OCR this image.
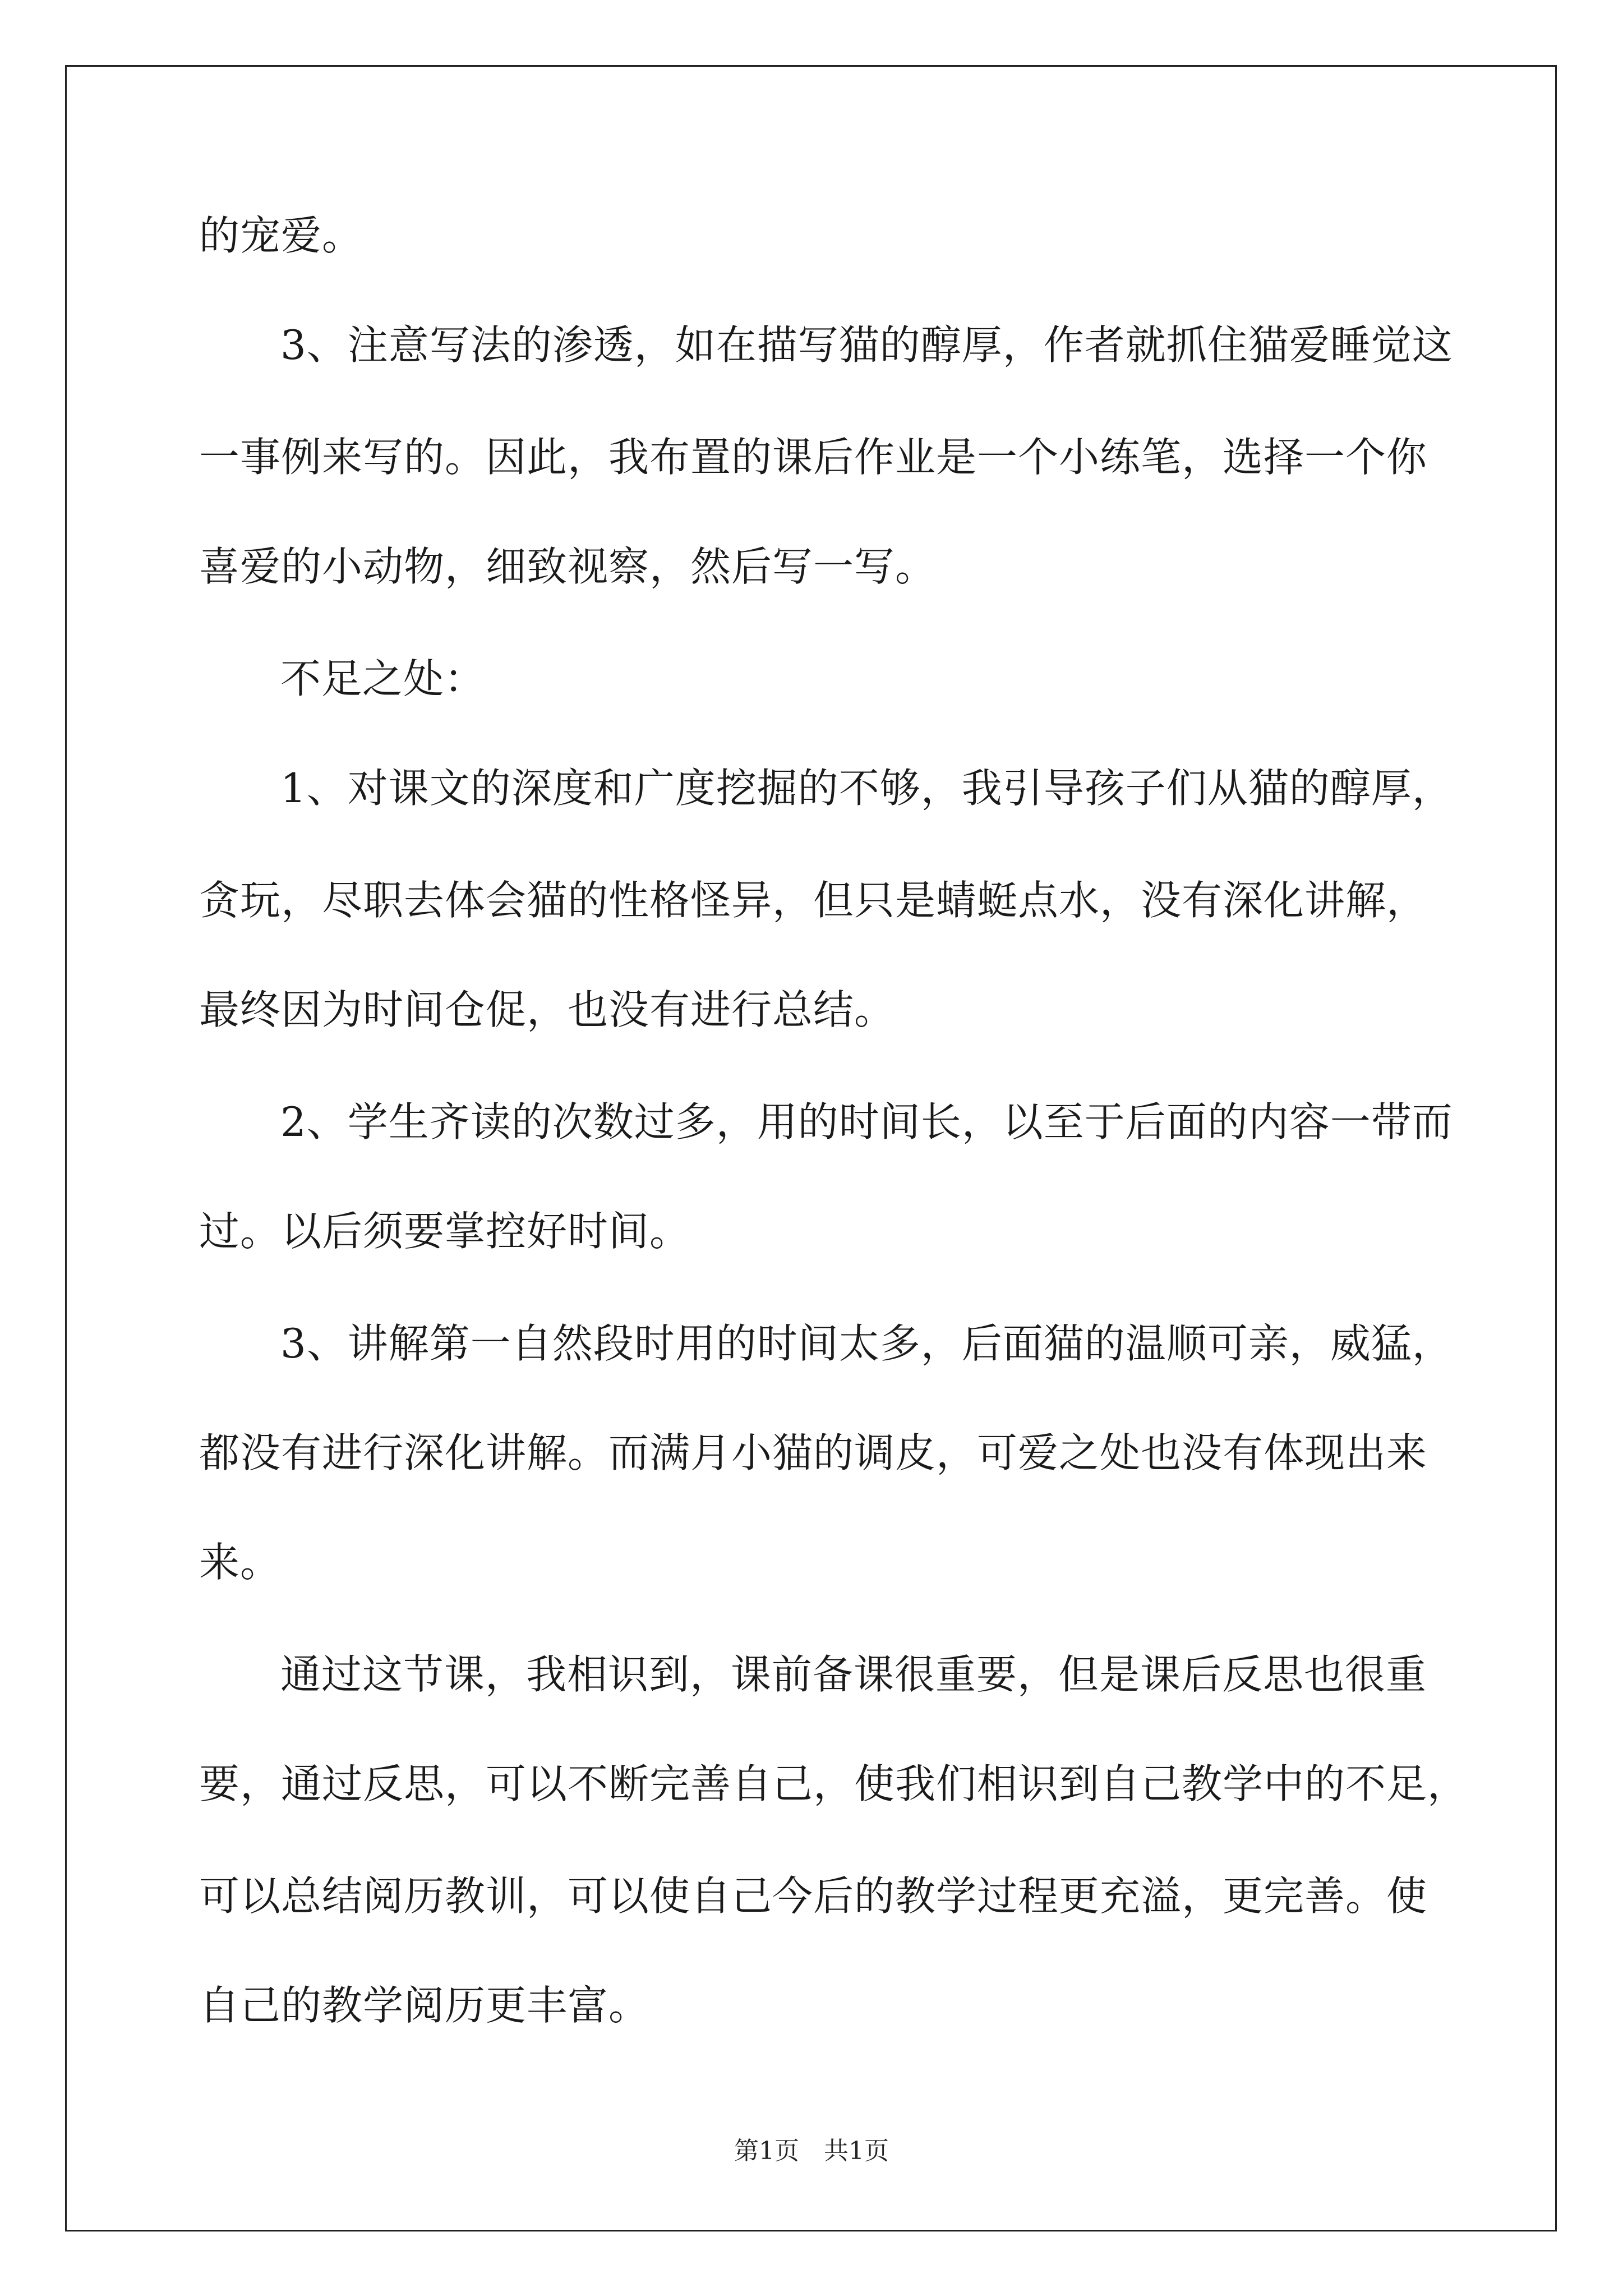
的宠爱。
3、注意写法的渗透，如在描写猫的醇厚，作者就抓住猫爱睡觉这
一事例来写的。因此，我布置的课后作业是一个小练笔，选择一个你
喜爱的小动物，细致视察，然后写一写。
不足之处：
1、对课文的深度和广度挖掘的不够，我引导孩子们从猫的醇厚，
贪玩，尽职去体会猫的性格怪异，但只是蜻蜓点水，没有深化讲解，
最终因为时间仓促，也没有进行总结。
2、学生齐读的次数过多，用的时间长，以至于后面的内容一带而
过。以后须要掌控好时间。
3、讲解第一自然段时用的时间太多，后面猫的温顺可亲，威猛，
都没有进行深化讲解。而满月小猫的调皮，可爱之处也没有体现出来
来。
通过这节课，我相识到，课前备课很重要，但是课后反思也很重
要，通过反思，可以不断完善自己，使我们相识到自己教学中的不足，
可以总结阅历教训，可以使自己今后的教学过程更充溢，更完善。使
自己的教学阅历更丰富。
第1页　共1页
